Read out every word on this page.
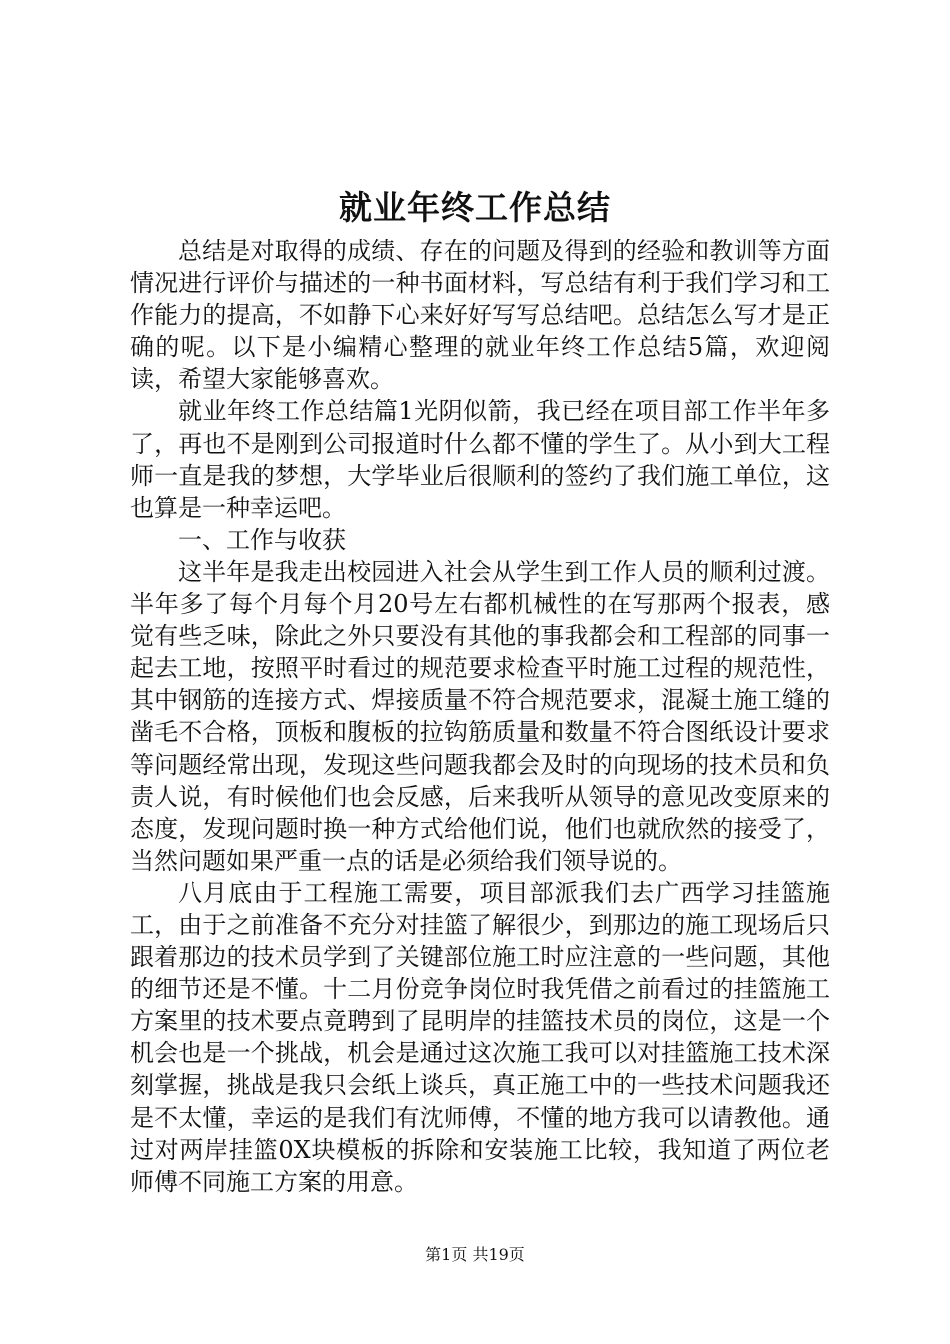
就业年终工作总结

总结是对取得的成绩、存在的问题及得到的经验和教训等方面情况进行评价与描述的一种书面材料，写总结有利于我们学习和工作能力的提高，不如静下心来好好写写总结吧。总结怎么写才是正确的呢。以下是小编精心整理的就业年终工作总结5篇，欢迎阅读，希望大家能够喜欢。

就业年终工作总结篇1光阴似箭，我已经在项目部工作半年多了，再也不是刚到公司报道时什么都不懂的学生了。从小到大工程师一直是我的梦想，大学毕业后很顺利的签约了我们施工单位，这也算是一种幸运吧。

一、工作与收获

这半年是我走出校园进入社会从学生到工作人员的顺利过渡。半年多了每个月每个月20号左右都机械性的在写那两个报表，感觉有些乏味，除此之外只要没有其他的事我都会和工程部的同事一起去工地，按照平时看过的规范要求检查平时施工过程的规范性，其中钢筋的连接方式、焊接质量不符合规范要求，混凝土施工缝的凿毛不合格，顶板和腹板的拉钩筋质量和数量不符合图纸设计要求等问题经常出现，发现这些问题我都会及时的向现场的技术员和负责人说，有时候他们也会反感，后来我听从领导的意见改变原来的态度，发现问题时换一种方式给他们说，他们也就欣然的接受了，当然问题如果严重一点的话是必须给我们领导说的。

八月底由于工程施工需要，项目部派我们去广西学习挂篮施工，由于之前准备不充分对挂篮了解很少，到那边的施工现场后只跟着那边的技术员学到了关键部位施工时应注意的一些问题，其他的细节还是不懂。十二月份竞争岗位时我凭借之前看过的挂篮施工方案里的技术要点竟聘到了昆明岸的挂篮技术员的岗位，这是一个机会也是一个挑战，机会是通过这次施工我可以对挂篮施工技术深刻掌握，挑战是我只会纸上谈兵，真正施工中的一些技术问题我还是不太懂，幸运的是我们有沈师傅，不懂的地方我可以请教他。通过对两岸挂篮0X块模板的拆除和安装施工比较，我知道了两位老师傅不同施工方案的用意。

第1页 共19页
